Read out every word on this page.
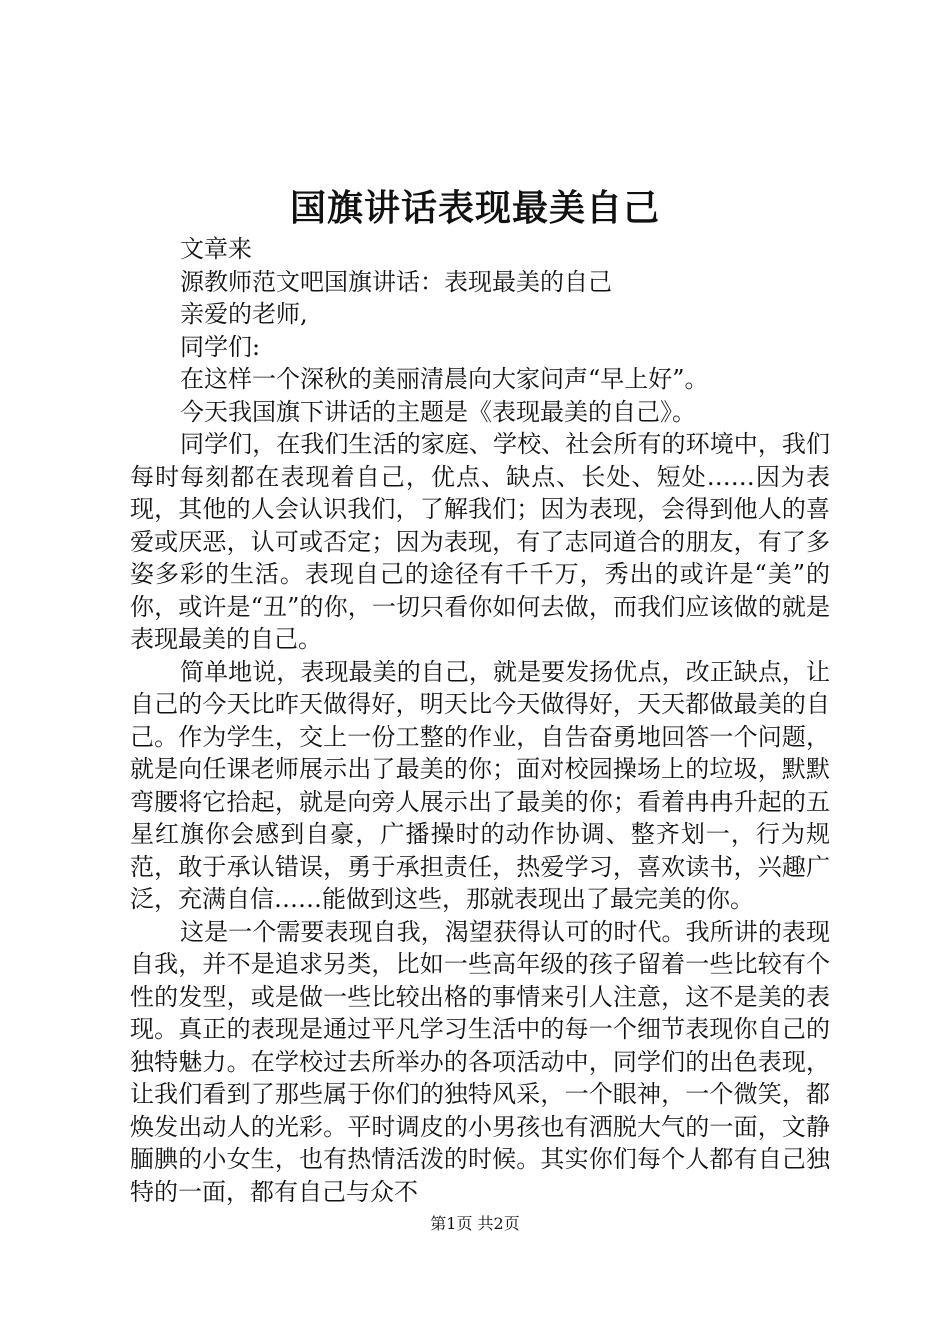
国旗讲话表现最美自己

文章来

源教师范文吧国旗讲话：表现最美的自己

亲爱的老师,

同学们:

在这样一个深秋的美丽清晨向大家问声“早上好”。

今天我国旗下讲话的主题是《表现最美的自己》。

同学们，在我们生活的家庭、学校、社会所有的环境中，我们每时每刻都在表现着自己，优点、缺点、长处、短处……因为表现，其他的人会认识我们，了解我们；因为表现，会得到他人的喜爱或厌恶，认可或否定；因为表现，有了志同道合的朋友，有了多姿多彩的生活。表现自己的途径有千千万，秀出的或许是“美”的你，或许是“丑”的你，一切只看你如何去做，而我们应该做的就是表现最美的自己。

简单地说，表现最美的自己，就是要发扬优点，改正缺点，让自己的今天比昨天做得好，明天比今天做得好，天天都做最美的自己。作为学生，交上一份工整的作业，自告奋勇地回答一个问题，就是向任课老师展示出了最美的你；面对校园操场上的垃圾，默默弯腰将它拾起，就是向旁人展示出了最美的你；看着冉冉升起的五星红旗你会感到自豪，广播操时的动作协调、整齐划一，行为规范，敢于承认错误，勇于承担责任，热爱学习，喜欢读书，兴趣广泛，充满自信……能做到这些，那就表现出了最完美的你。

这是一个需要表现自我，渴望获得认可的时代。我所讲的表现自我，并不是追求另类，比如一些高年级的孩子留着一些比较有个性的发型，或是做一些比较出格的事情来引人注意，这不是美的表现。真正的表现是通过平凡学习生活中的每一个细节表现你自己的独特魅力。在学校过去所举办的各项活动中，同学们的出色表现，让我们看到了那些属于你们的独特风采，一个眼神，一个微笑，都焕发出动人的光彩。平时调皮的小男孩也有洒脱大气的一面，文静腼腆的小女生，也有热情活泼的时候。其实你们每个人都有自己独特的一面，都有自己与众不

第1页 共2页
